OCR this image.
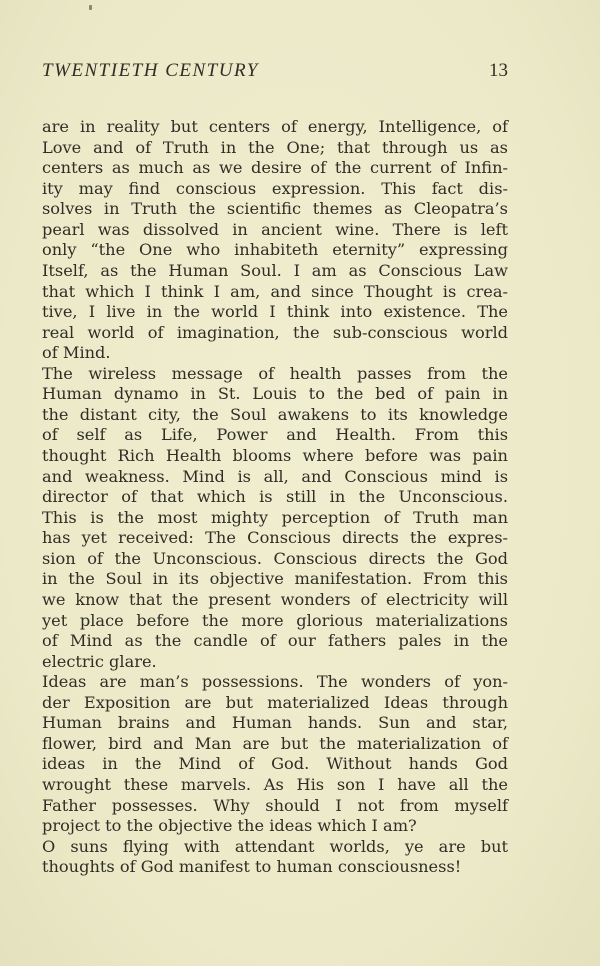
TWENTIETH CENTURY	13
are in reality but centers of energy, Intelligence, of
Love and of Truth in the One; that through us as
centers as much as we desire of the current of Infin-
ity may find conscious expression. This fact dis-
solves in Truth the scientific themes as Cleopatra’s
pearl was dissolved in ancient wine. There is left
only “the One who inhabiteth eternity” expressing
Itself, as the Human Soul. I am as Conscious Law
that which I think I am, and since Thought is crea-
tive, I live in the world I think into existence. The
real world of imagination, the sub-conscious world
of Mind.
The wireless message of health passes from the
Human dynamo in St. Louis to the bed of pain in
the distant city, the Soul awakens to its knowledge
of self as Life, Power and Health. From this
thought Rich Health blooms where before was pain
and weakness. Mind is all, and Conscious mind is
director of that which is still in the Unconscious.
This is the most mighty perception of Truth man
has yet received: The Conscious directs the expres-
sion of the Unconscious. Conscious directs the God
in the Soul in its objective manifestation. From this
we know that the present wonders of electricity will
yet place before the more glorious materializations
of Mind as the candle of our fathers pales in the
electric glare.
Ideas are man’s possessions. The wonders of yon-
der Exposition are but materialized Ideas through
Human brains and Human hands. Sun and star,
flower, bird and Man are but the materialization of
ideas in the Mind of God. Without hands God
wrought these marvels. As His son I have all the
Father possesses. Why should I not from myself
project to the objective the ideas which I am?
O suns flying with attendant worlds, ye are but
thoughts of God manifest to human consciousness!
